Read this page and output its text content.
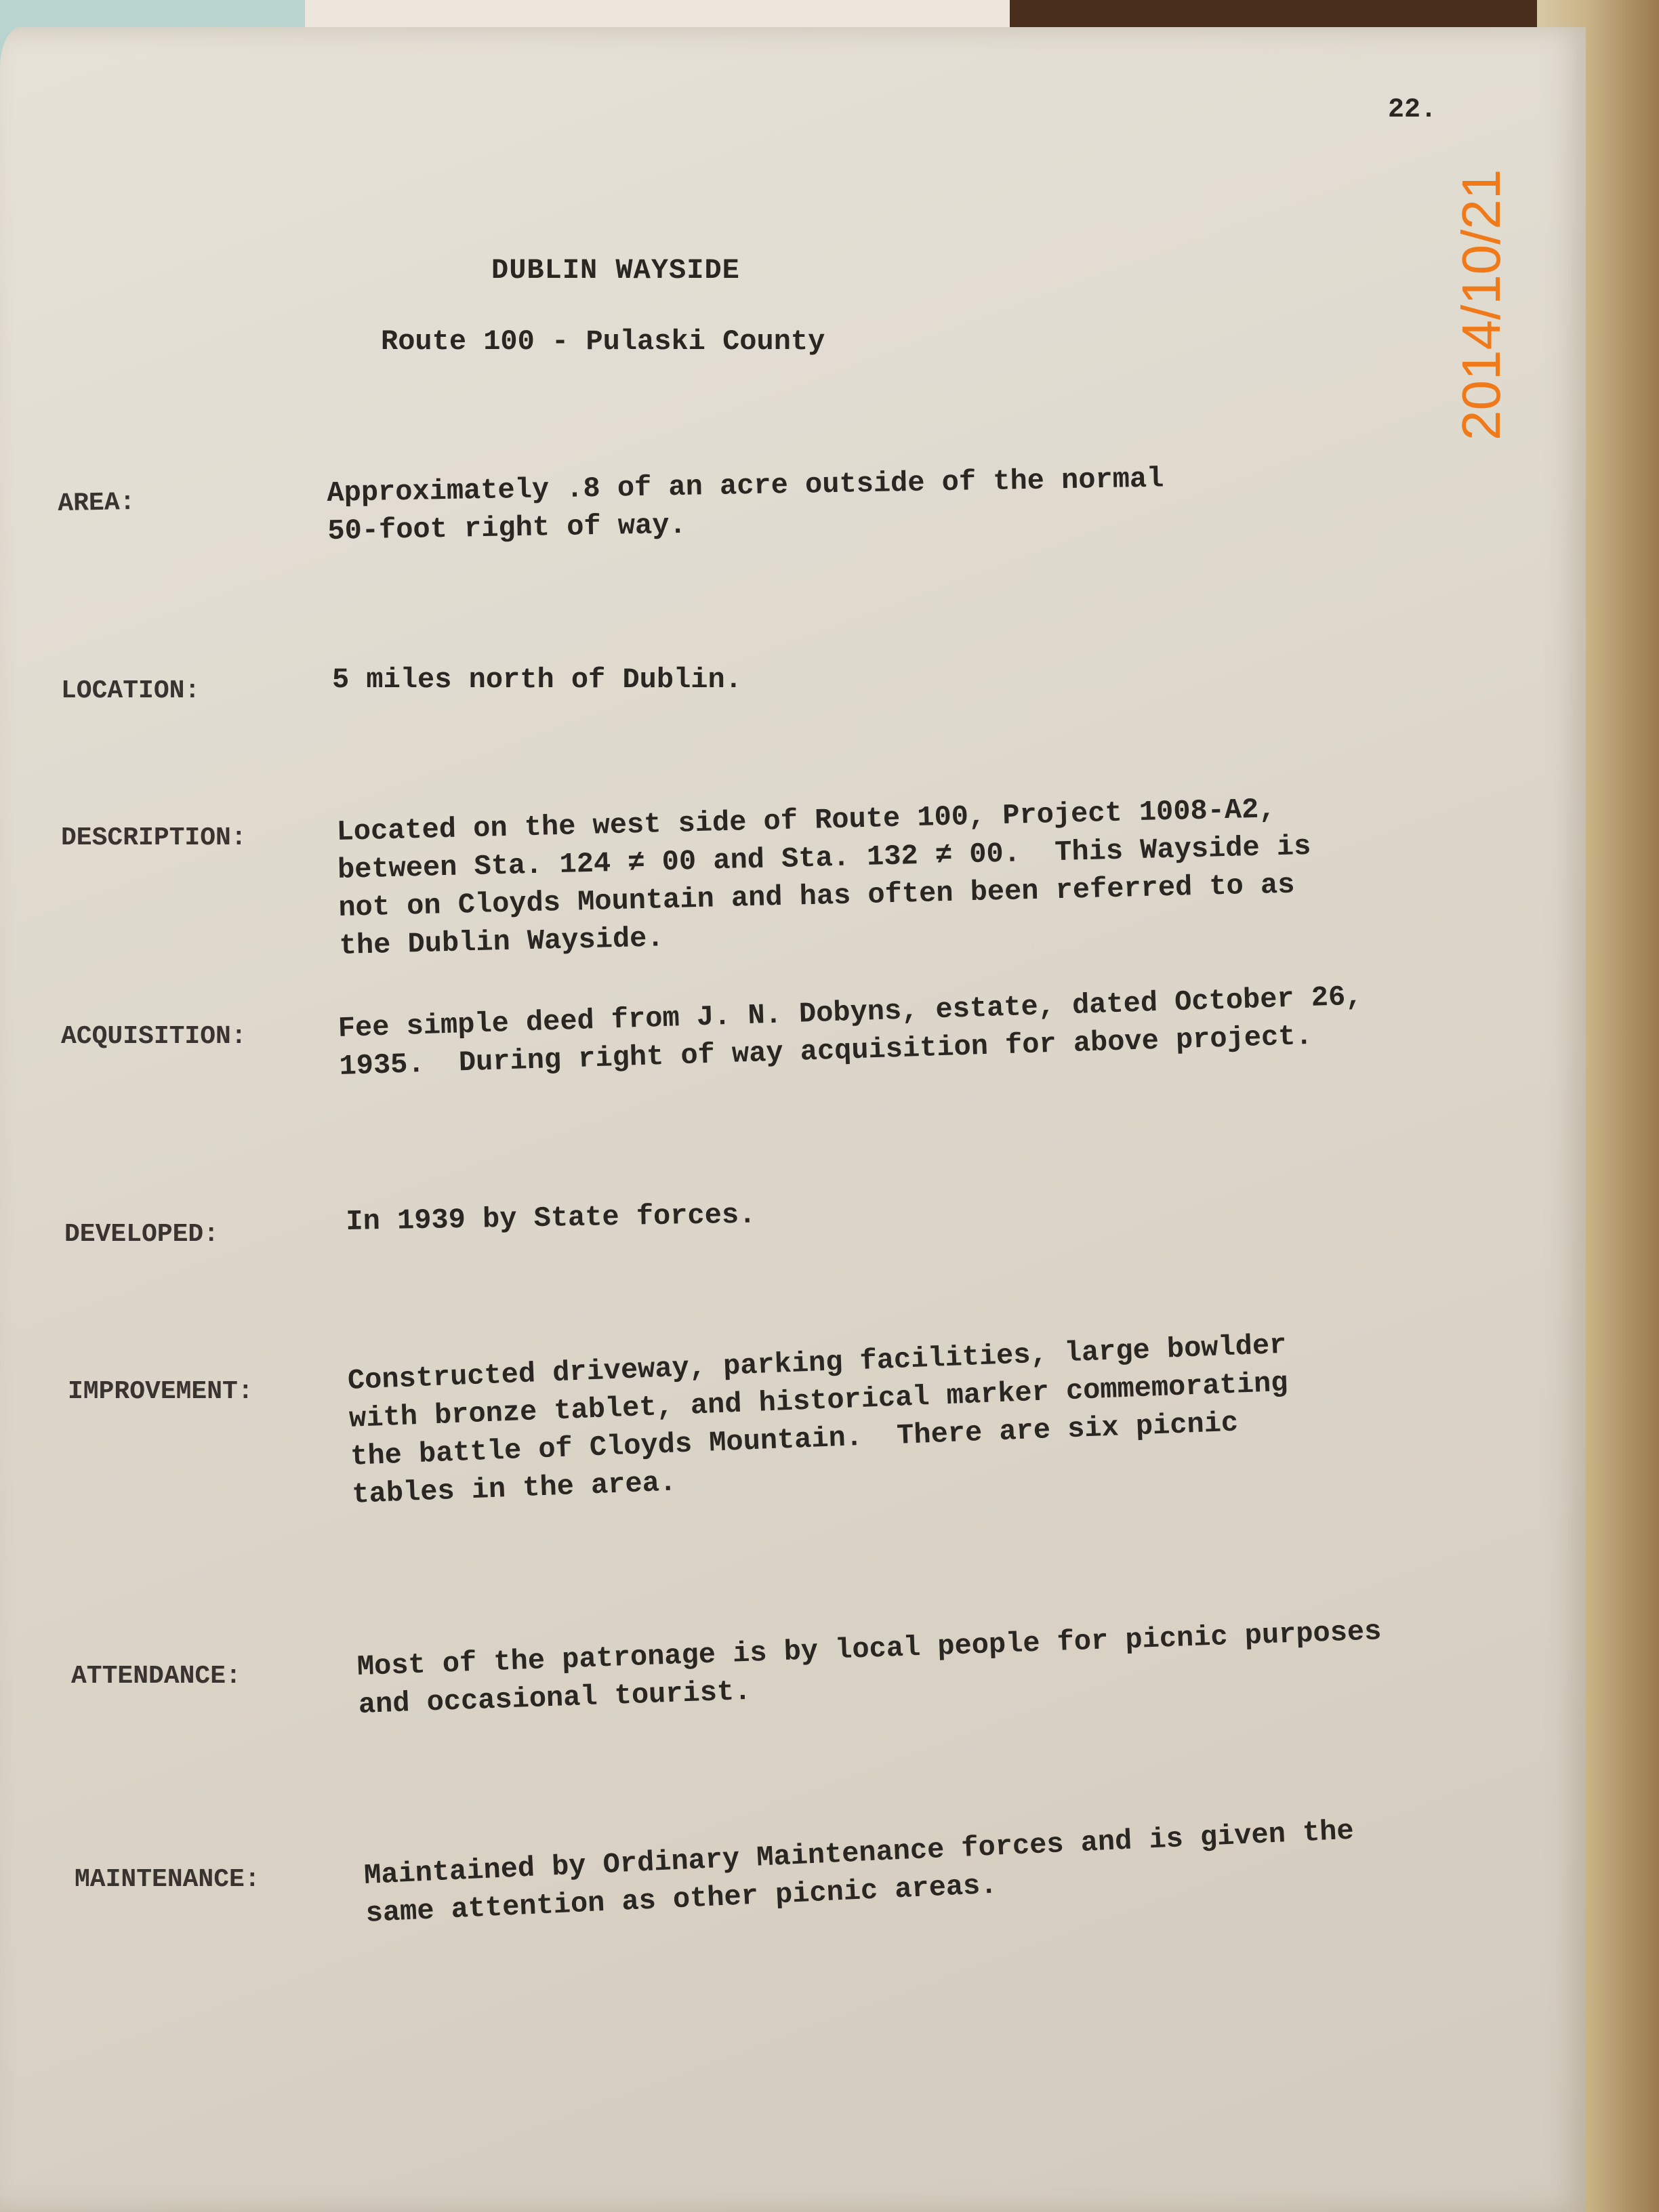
22.
DUBLIN WAYSIDE
Route 100 - Pulaski County
AREA:	Approximately .8 of an acre outside of the normal
50-foot right of way.
LOCATION:	5 miles north of Dublin.
DESCRIPTION:	Located on the west side of Route 100, Project 1008-A2,
between Sta. 124 ≠ 00 and Sta. 132 ≠ 00.  This Wayside is
not on Cloyds Mountain and has often been referred to as
the Dublin Wayside.
ACQUISITION:	Fee simple deed from J. N. Dobyns, estate, dated October 26,
1935.  During right of way acquisition for above project.
DEVELOPED:	In 1939 by State forces.
IMPROVEMENT:	Constructed driveway, parking facilities, large bowlder
with bronze tablet, and historical marker commemorating
the battle of Cloyds Mountain.  There are six picnic
tables in the area.
ATTENDANCE:	Most of the patronage is by local people for picnic purposes
and occasional tourist.
MAINTENANCE:	Maintained by Ordinary Maintenance forces and is given the
same attention as other picnic areas.
2014/10/21
